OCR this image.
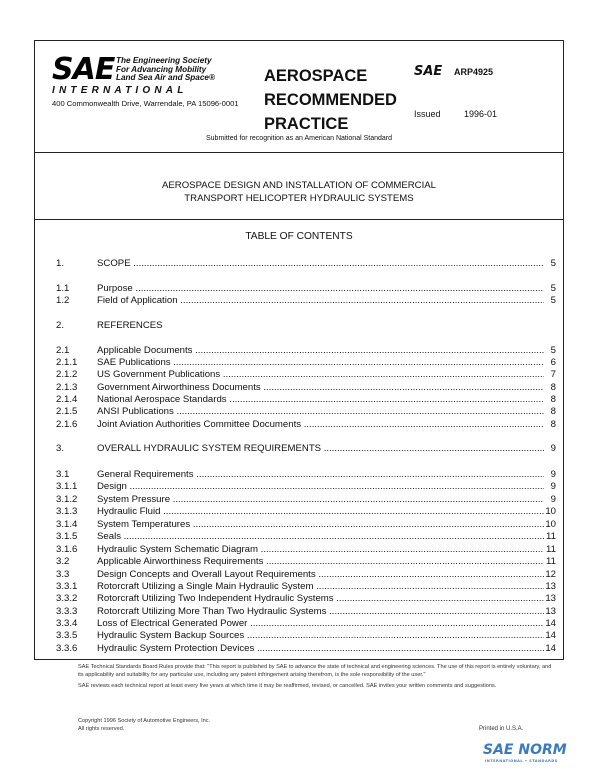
SAE The Engineering Society
For Advancing Mobility
Land Sea Air and Space®
INTERNATIONAL
400 Commonwealth Drive, Warrendale, PA 15096-0001
AEROSPACE
RECOMMENDED
PRACTICE
SAE ARP4925
Issued	1996-01
Submitted for recognition as an American National Standard
AEROSPACE DESIGN AND INSTALLATION OF COMMERCIAL
TRANSPORT HELICOPTER HYDRAULIC SYSTEMS
TABLE OF CONTENTS
1.	SCOPE .....	5
1.1	Purpose .....	5
1.2	Field of Application .....	5
2.	REFERENCES
2.1	Applicable Documents .....	5
2.1.1 SAE Publications .....	6
2.1.2 US Government Publications .....	7
2.1.3 Government Airworthiness Documents .....	8
2.1.4 National Aerospace Standards .....	8
2.1.5 ANSI Publications .....	8
2.1.6 Joint Aviation Authorities Committee Documents .....	8
3.	OVERALL HYDRAULIC SYSTEM REQUIREMENTS .....	9
3.1	General Requirements .....	9
3.1.1 Design .....	9
3.1.2 System Pressure .....	9
3.1.3 Hydraulic Fluid .....	10
3.1.4 System Temperatures .....	10
3.1.5 Seals .....	11
3.1.6 Hydraulic System Schematic Diagram .....	11
3.2	Applicable Airworthiness Requirements .....	11
3.3	Design Concepts and Overall Layout Requirements .....	12
3.3.1 Rotorcraft Utilizing a Single Main Hydraulic System .....	13
3.3.2 Rotorcraft Utilizing Two Independent Hydraulic Systems .....	13
3.3.3 Rotorcraft Utilizing More Than Two Hydraulic Systems .....	13
3.3.4 Loss of Electrical Generated Power .....	14
3.3.5 Hydraulic System Backup Sources .....	14
3.3.6 Hydraulic System Protection Devices .....	14

SAE Technical Standards Board Rules provide that: "This report is published by SAE to advance the state of technical and engineering sciences. The use of this report is entirely voluntary, and its applicability and suitability for any particular use, including any patent infringement arising therefrom, is the sole responsibility of the user."

SAE reviews each technical report at least every five years at which time it may be reaffirmed, revised, or cancelled. SAE invites your written comments and suggestions.

Copyright 1996 Society of Automotive Engineers, Inc.
All rights reserved.	Printed in U.S.A.
SAE NORM
INTERNATIONAL • STANDARDS
